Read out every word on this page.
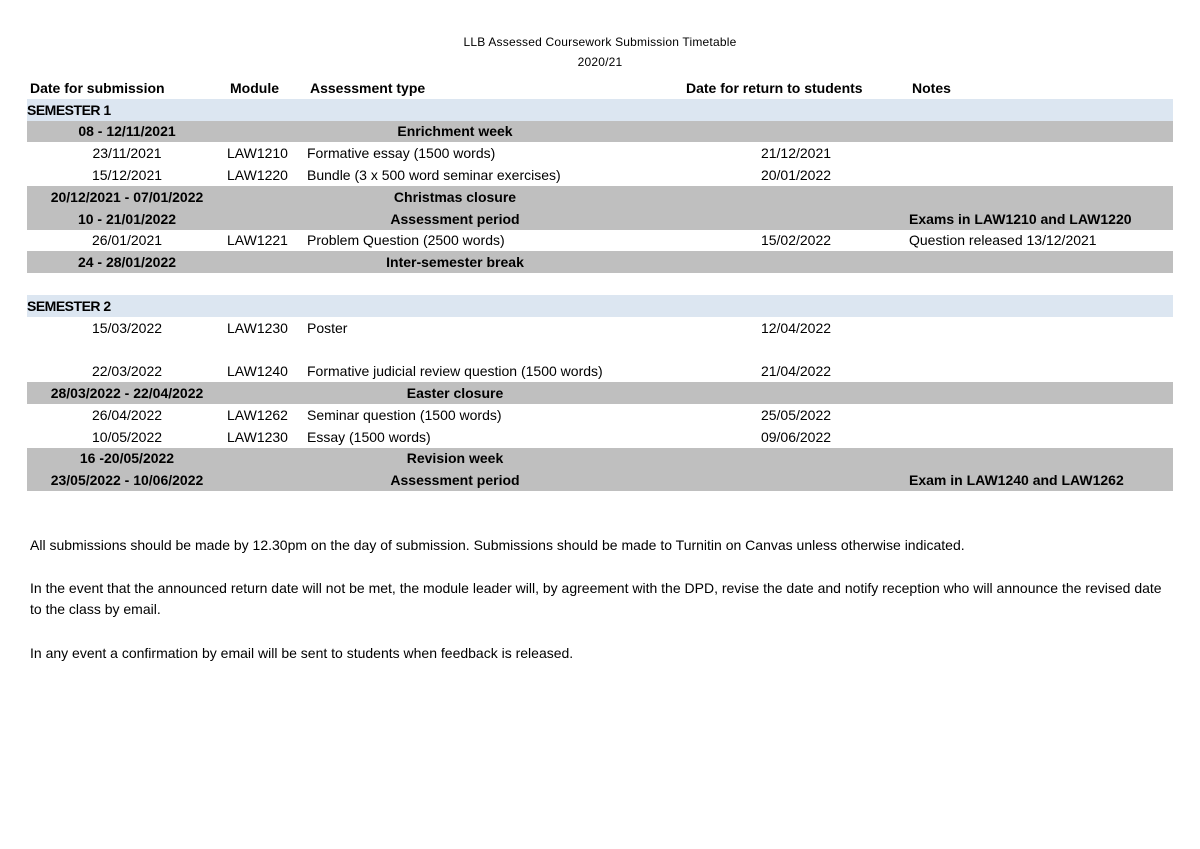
LLB Assessed Coursework Submission Timetable
2020/21
Date for submission	Module	Assessment type	Date for return to students	Notes
SEMESTER 1				
08 - 12/11/2021	Enrichment week			
23/11/2021	LAW1210	Formative essay (1500 words)	21/12/2021	
15/12/2021	LAW1220	Bundle (3 x 500 word seminar exercises)	20/01/2022	
20/12/2021 - 07/01/2022	Christmas closure			
10 - 21/01/2022	Assessment period			Exams in LAW1210 and LAW1220
26/01/2021	LAW1221	Problem Question (2500 words)	15/02/2022	Question released 13/12/2021
24 - 28/01/2022	Inter-semester break			

SEMESTER 2				
15/03/2022	LAW1230	Poster	12/04/2022	

22/03/2022	LAW1240	Formative judicial review question (1500 words)	21/04/2022	
28/03/2022 - 22/04/2022	Easter closure			
26/04/2022	LAW1262	Seminar question (1500 words)	25/05/2022	
10/05/2022	LAW1230	Essay (1500 words)	09/06/2022	
16 -20/05/2022	Revision week			
23/05/2022 - 10/06/2022	Assessment period			Exam in LAW1240 and LAW1262
All submissions should be made by 12.30pm on the day of submission. Submissions should be made to Turnitin on Canvas unless otherwise indicated.
In the event that the announced return date will not be met, the module leader will, by agreement with the DPD, revise the date and notify reception who will announce the revised date to the class by email.
In any event a confirmation by email will be sent to students when feedback is released.
